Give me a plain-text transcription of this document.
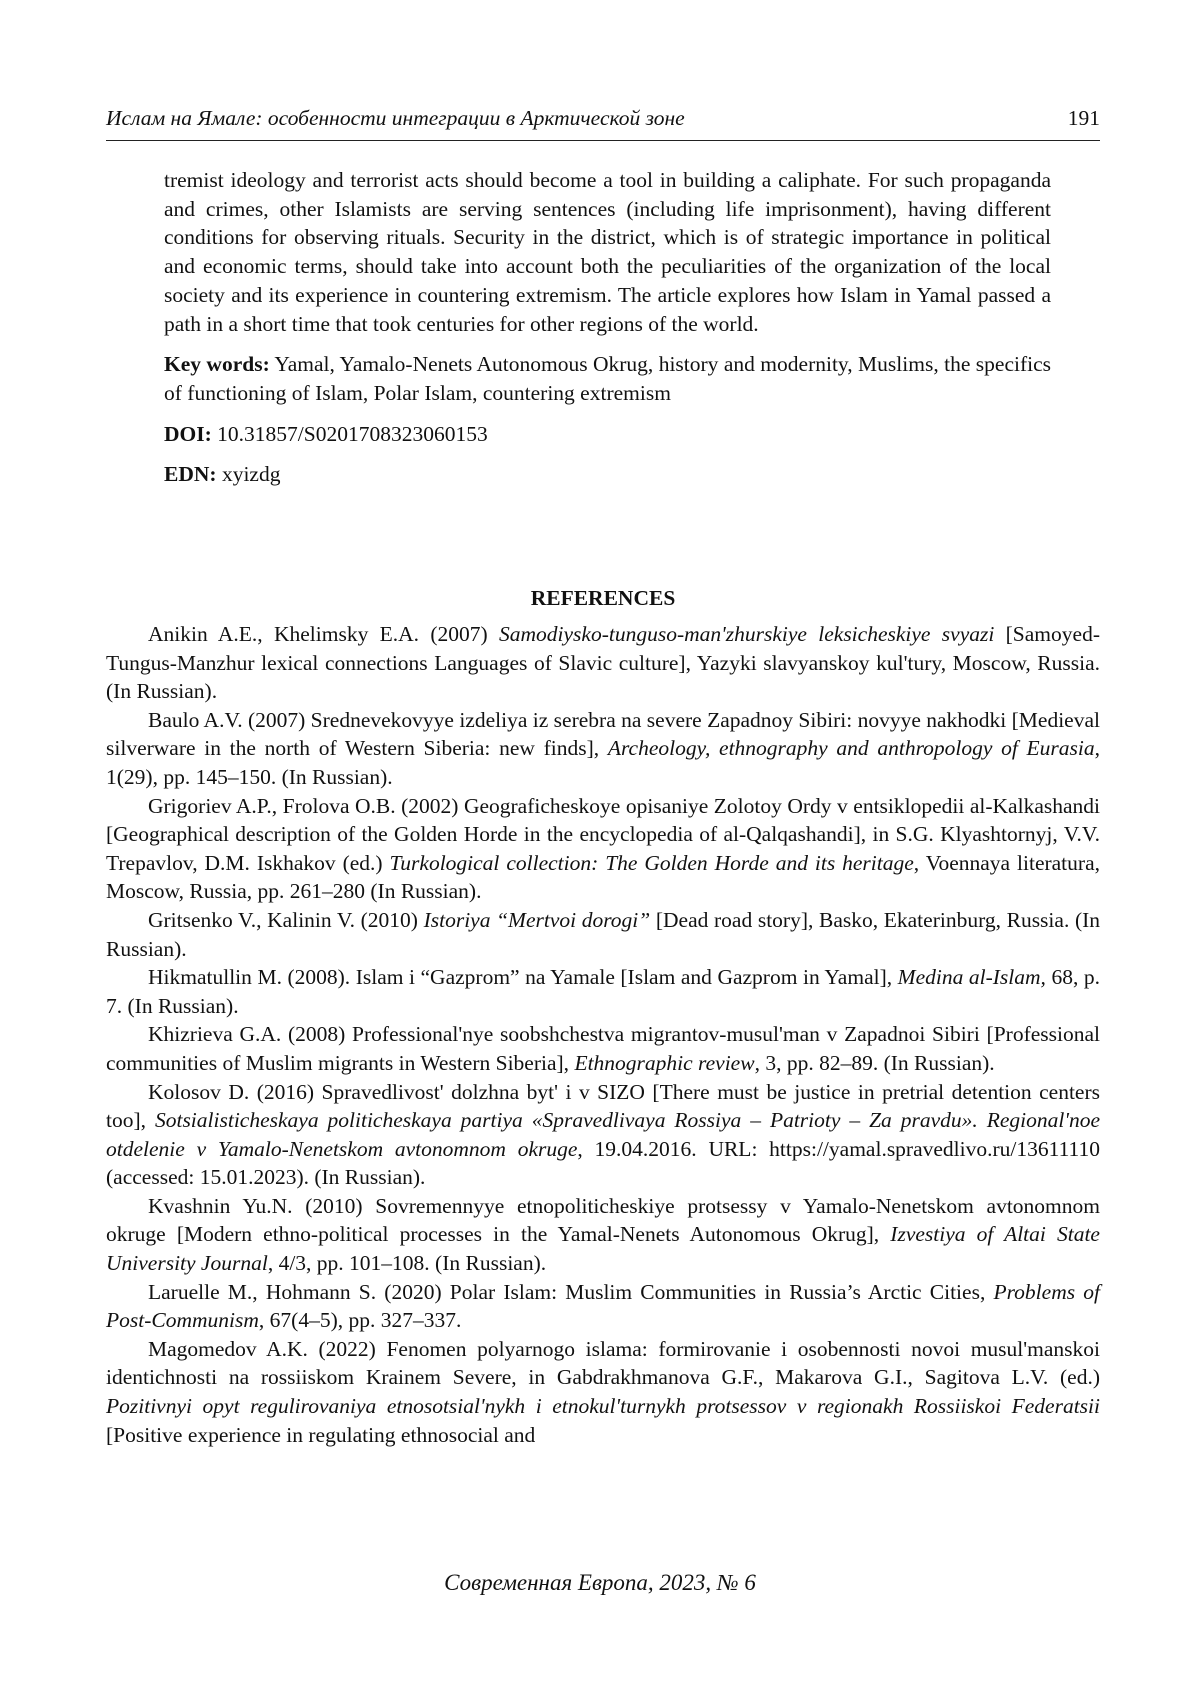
Ислам на Ямале: особенности интеграции в Арктической зоне	191

tremist ideology and terrorist acts should become a tool in building a caliphate. For such propaganda and crimes, other Islamists are serving sentences (including life imprisonment), having different conditions for observing rituals. Security in the district, which is of strategic importance in political and economic terms, should take into account both the peculiarities of the organization of the local society and its experience in countering extremism. The article explores how Islam in Yamal passed a path in a short time that took centuries for other regions of the world.

Key words: Yamal, Yamalo-Nenets Autonomous Okrug, history and modernity, Muslims, the specifics of functioning of Islam, Polar Islam, countering extremism

DOI: 10.31857/S0201708323060153

EDN: xyizdg

REFERENCES

Anikin A.E., Khelimsky E.A. (2007) Samodiysko-tunguso-man'zhurskiye leksicheskiye svyazi [Samoyed-Tungus-Manzhur lexical connections Languages of Slavic culture], Yazyki slavyanskoy kul'tury, Moscow, Russia. (In Russian).

Baulo A.V. (2007) Srednevekovyye izdeliya iz serebra na severe Zapadnoy Sibiri: novyye nakhodki [Medieval silverware in the north of Western Siberia: new finds], Archeology, ethnography and anthropology of Eurasia, 1(29), pp. 145–150. (In Russian).

Grigoriev A.P., Frolova O.B. (2002) Geograficheskoye opisaniye Zolotoy Ordy v entsiklopedii al-Kalkashandi [Geographical description of the Golden Horde in the encyclopedia of al-Qalqashandi], in S.G. Klyashtornyj, V.V. Trepavlov, D.M. Iskhakov (ed.) Turkological collection: The Golden Horde and its heritage, Voennaya literatura, Moscow, Russia, pp. 261–280 (In Russian).

Gritsenko V., Kalinin V. (2010) Istoriya “Mertvoi dorogi” [Dead road story], Basko, Ekaterinburg, Russia. (In Russian).

Hikmatullin M. (2008). Islam i “Gazprom” na Yamale [Islam and Gazprom in Yamal], Medina al-Islam, 68, p. 7. (In Russian).

Khizrieva G.A. (2008) Professional'nye soobshchestva migrantov-musul'man v Zapadnoi Sibiri [Professional communities of Muslim migrants in Western Siberia], Ethnographic review, 3, pp. 82–89. (In Russian).

Kolosov D. (2016) Spravedlivost' dolzhna byt' i v SIZO [There must be justice in pretrial detention centers too], Sotsialisticheskaya politicheskaya partiya «Spravedlivaya Rossiya – Patrioty – Za pravdu». Regional'noe otdelenie v Yamalo-Nenetskom avtonomnom okruge, 19.04.2016. URL: https://yamal.spravedlivo.ru/13611110 (accessed: 15.01.2023). (In Russian).

Kvashnin Yu.N. (2010) Sovremennyye etnopoliticheskiye protsessy v Yamalo-Nenetskom avtonomnom okruge [Modern ethno-political processes in the Yamal-Nenets Autonomous Okrug], Izvestiya of Altai State University Journal, 4/3, pp. 101–108. (In Russian).

Laruelle M., Hohmann S. (2020) Polar Islam: Muslim Communities in Russia’s Arctic Cities, Problems of Post-Communism, 67(4–5), pp. 327–337.

Magomedov A.K. (2022) Fenomen polyarnogo islama: formirovanie i osobennosti novoi musul'manskoi identichnosti na rossiiskom Krainem Severe, in Gabdrakhmanova G.F., Makarova G.I., Sagitova L.V. (ed.) Pozitivnyi opyt regulirovaniya etnosotsial'nykh i etnokul'turnykh protsessov v regionakh Rossiiskoi Federatsii [Positive experience in regulating ethnosocial and

Современная Европа, 2023, № 6
